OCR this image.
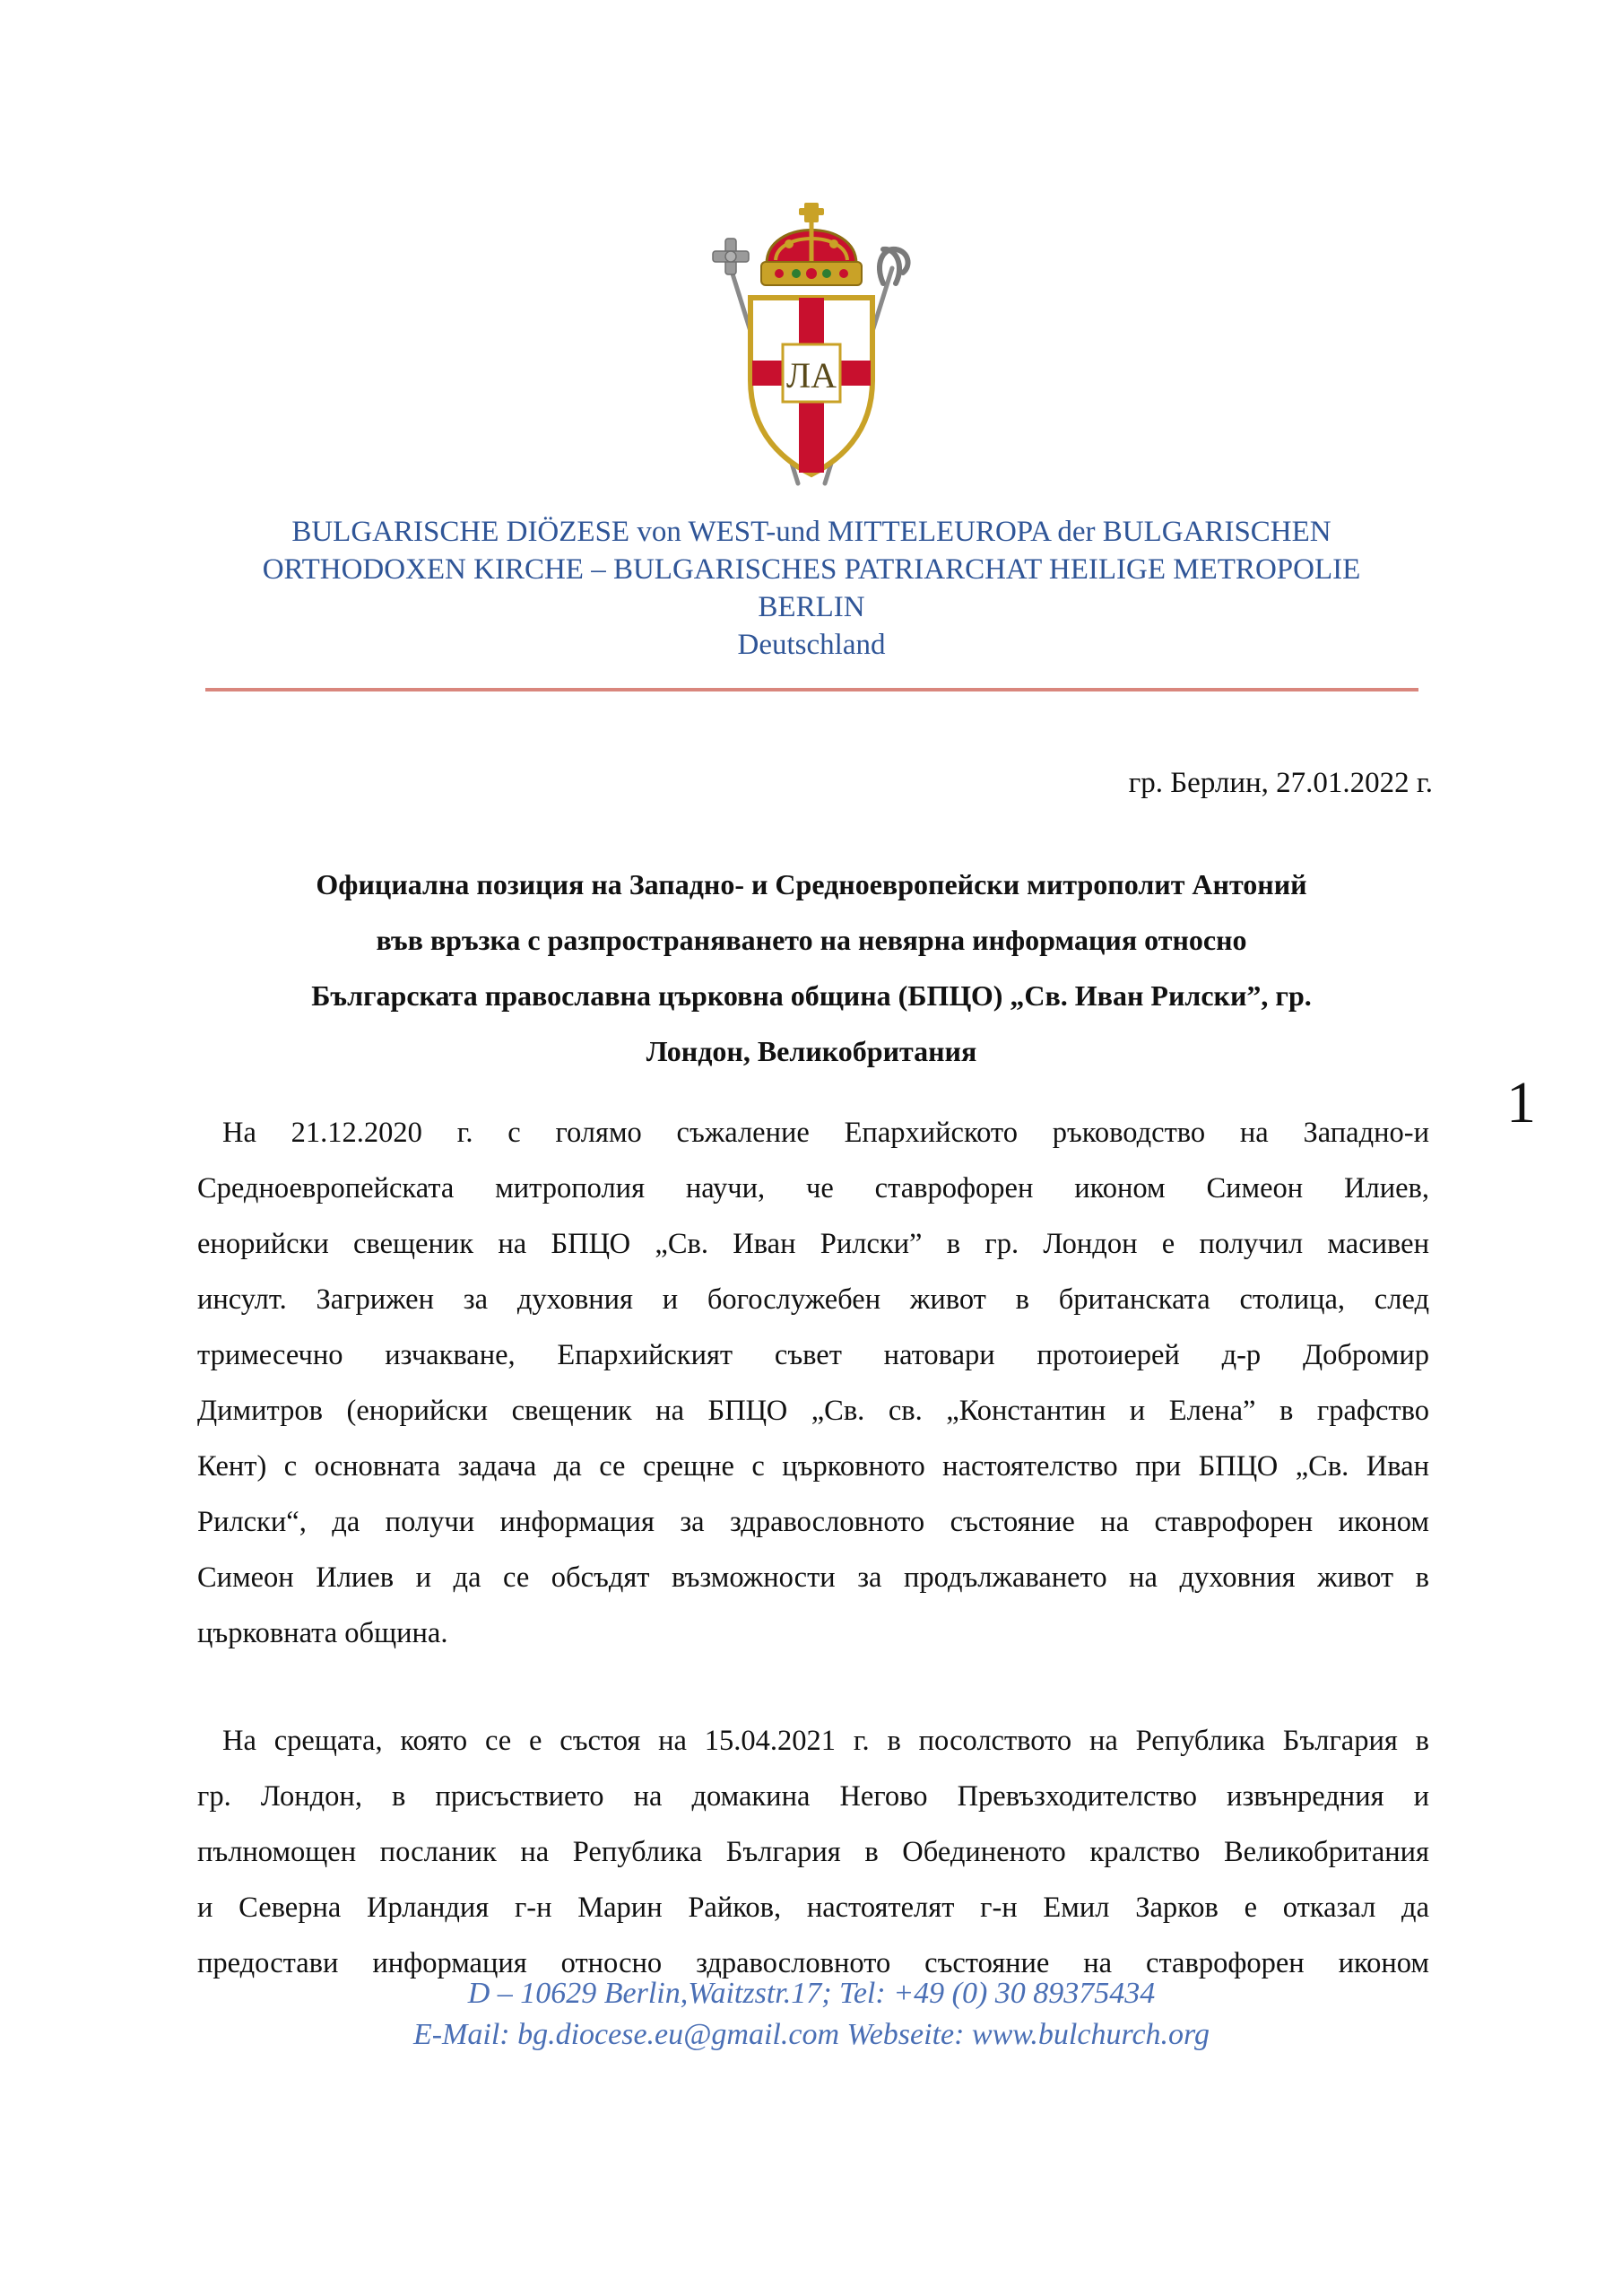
ЛA
BULGARISCHE DIÖZESE von WEST-und MITTELEUROPA der BULGARISCHEN
ORTHODOXEN KIRCHE – BULGARISCHES PATRIARCHAT HEILIGE METROPOLIE
BERLIN
Deutschland
гр. Берлин, 27.01.2022 г.
Официална позиция на Западно- и Средноевропейски митрополит Антоний
във връзка с разпространяването на невярна информация относно
Българската православна църковна община (БПЦО) „Св. Иван Рилски”, гр.
Лондон, Великобритания
1
На 21.12.2020 г. с голямо съжаление Епархийското ръководство на Западно-и
Средноевропейската митрополия научи, че ставрофорен иконом Симеон Илиев,
енорийски свещеник на БПЦО „Св. Иван Рилски” в гр. Лондон е получил масивен
инсулт. Загрижен за духовния и богослужебен живот в британската столица, след
тримесечно изчакване, Епархийският съвет натовари протоиерей д-р Добромир
Димитров (енорийски свещеник на БПЦО „Св. св. „Константин и Елена” в графство
Кент) с основната задача да се срещне с църковното настоятелство при БПЦО „Св. Иван
Рилски“, да получи информация за здравословното състояние на ставрофорен иконом
Симеон Илиев и да се обсъдят възможности за продължаването на духовния живот в
църковната община.
На срещата, която се е състоя на 15.04.2021 г. в посолството на Република България в
гр. Лондон, в присъствието на домакина Негово Превъзходителство извънредния и
пълномощен посланик на Република България в Обединеното кралство Великобритания
и Северна Ирландия г-н Марин Райков, настоятелят г-н Емил Зарков е отказал да
предостави информация относно здравословното състояние на ставрофорен иконом
D – 10629 Berlin,Waitzstr.17; Tel: +49 (0) 30 89375434
E-Mail: bg.diocese.eu@gmail.com Webseite: www.bulchurch.org
